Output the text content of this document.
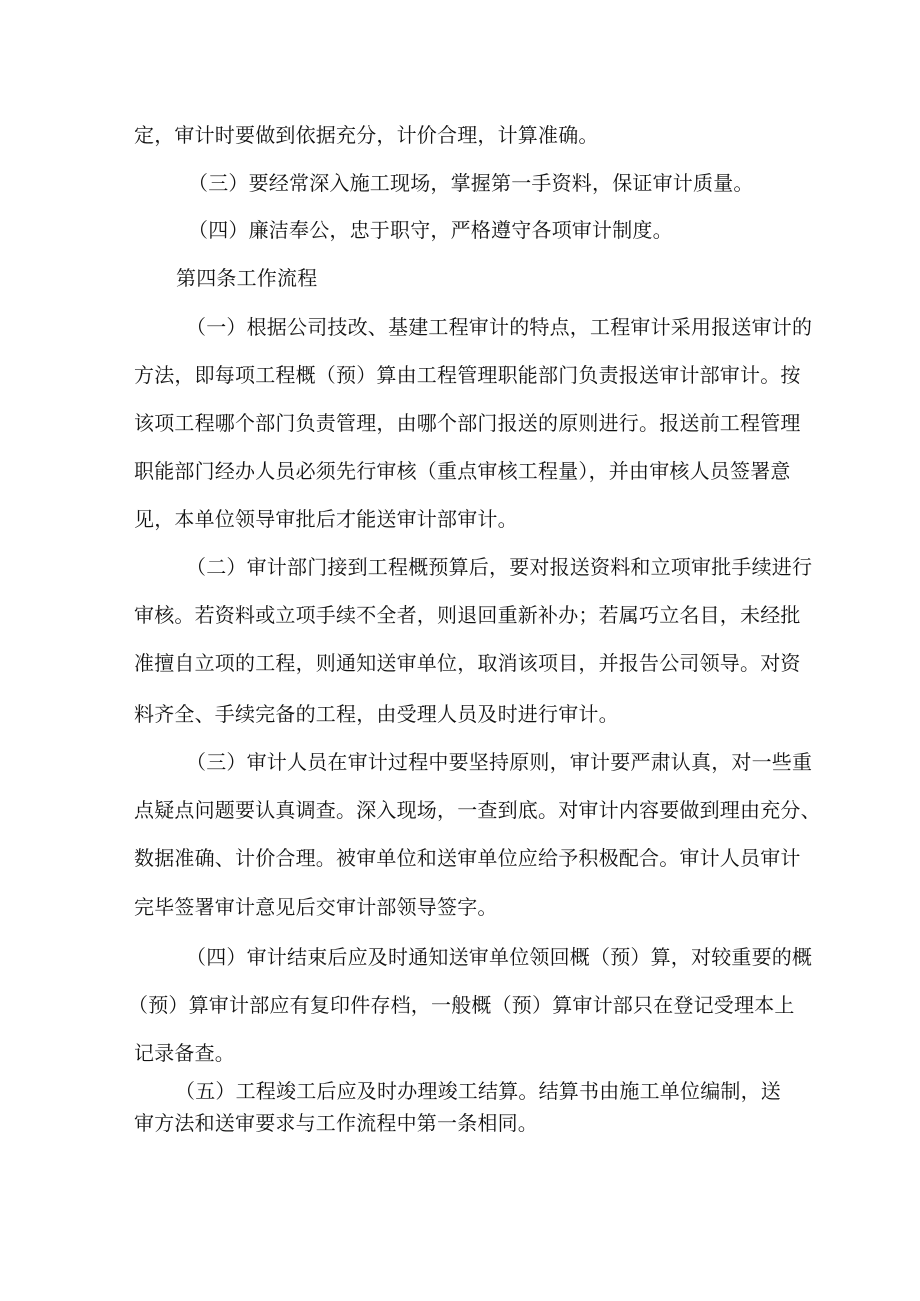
定，审计时要做到依据充分，计价合理，计算准确。
（三）要经常深入施工现场，掌握第一手资料，保证审计质量。
（四）廉洁奉公，忠于职守，严格遵守各项审计制度。
第四条工作流程
（一）根据公司技改、基建工程审计的特点，工程审计采用报送审计的
方法，即每项工程概（预）算由工程管理职能部门负责报送审计部审计。按
该项工程哪个部门负责管理，由哪个部门报送的原则进行。报送前工程管理
职能部门经办人员必须先行审核（重点审核工程量），并由审核人员签署意
见，本单位领导审批后才能送审计部审计。
（二）审计部门接到工程概预算后，要对报送资料和立项审批手续进行
审核。若资料或立项手续不全者，则退回重新补办；若属巧立名目，未经批
准擅自立项的工程，则通知送审单位，取消该项目，并报告公司领导。对资
料齐全、手续完备的工程，由受理人员及时进行审计。
（三）审计人员在审计过程中要坚持原则，审计要严肃认真，对一些重
点疑点问题要认真调查。深入现场，一查到底。对审计内容要做到理由充分、
数据准确、计价合理。被审单位和送审单位应给予积极配合。审计人员审计
完毕签署审计意见后交审计部领导签字。
（四）审计结束后应及时通知送审单位领回概（预）算，对较重要的概
（预）算审计部应有复印件存档，一般概（预）算审计部只在登记受理本上
记录备查。
（五）工程竣工后应及时办理竣工结算。结算书由施工单位编制，送
审方法和送审要求与工作流程中第一条相同。
